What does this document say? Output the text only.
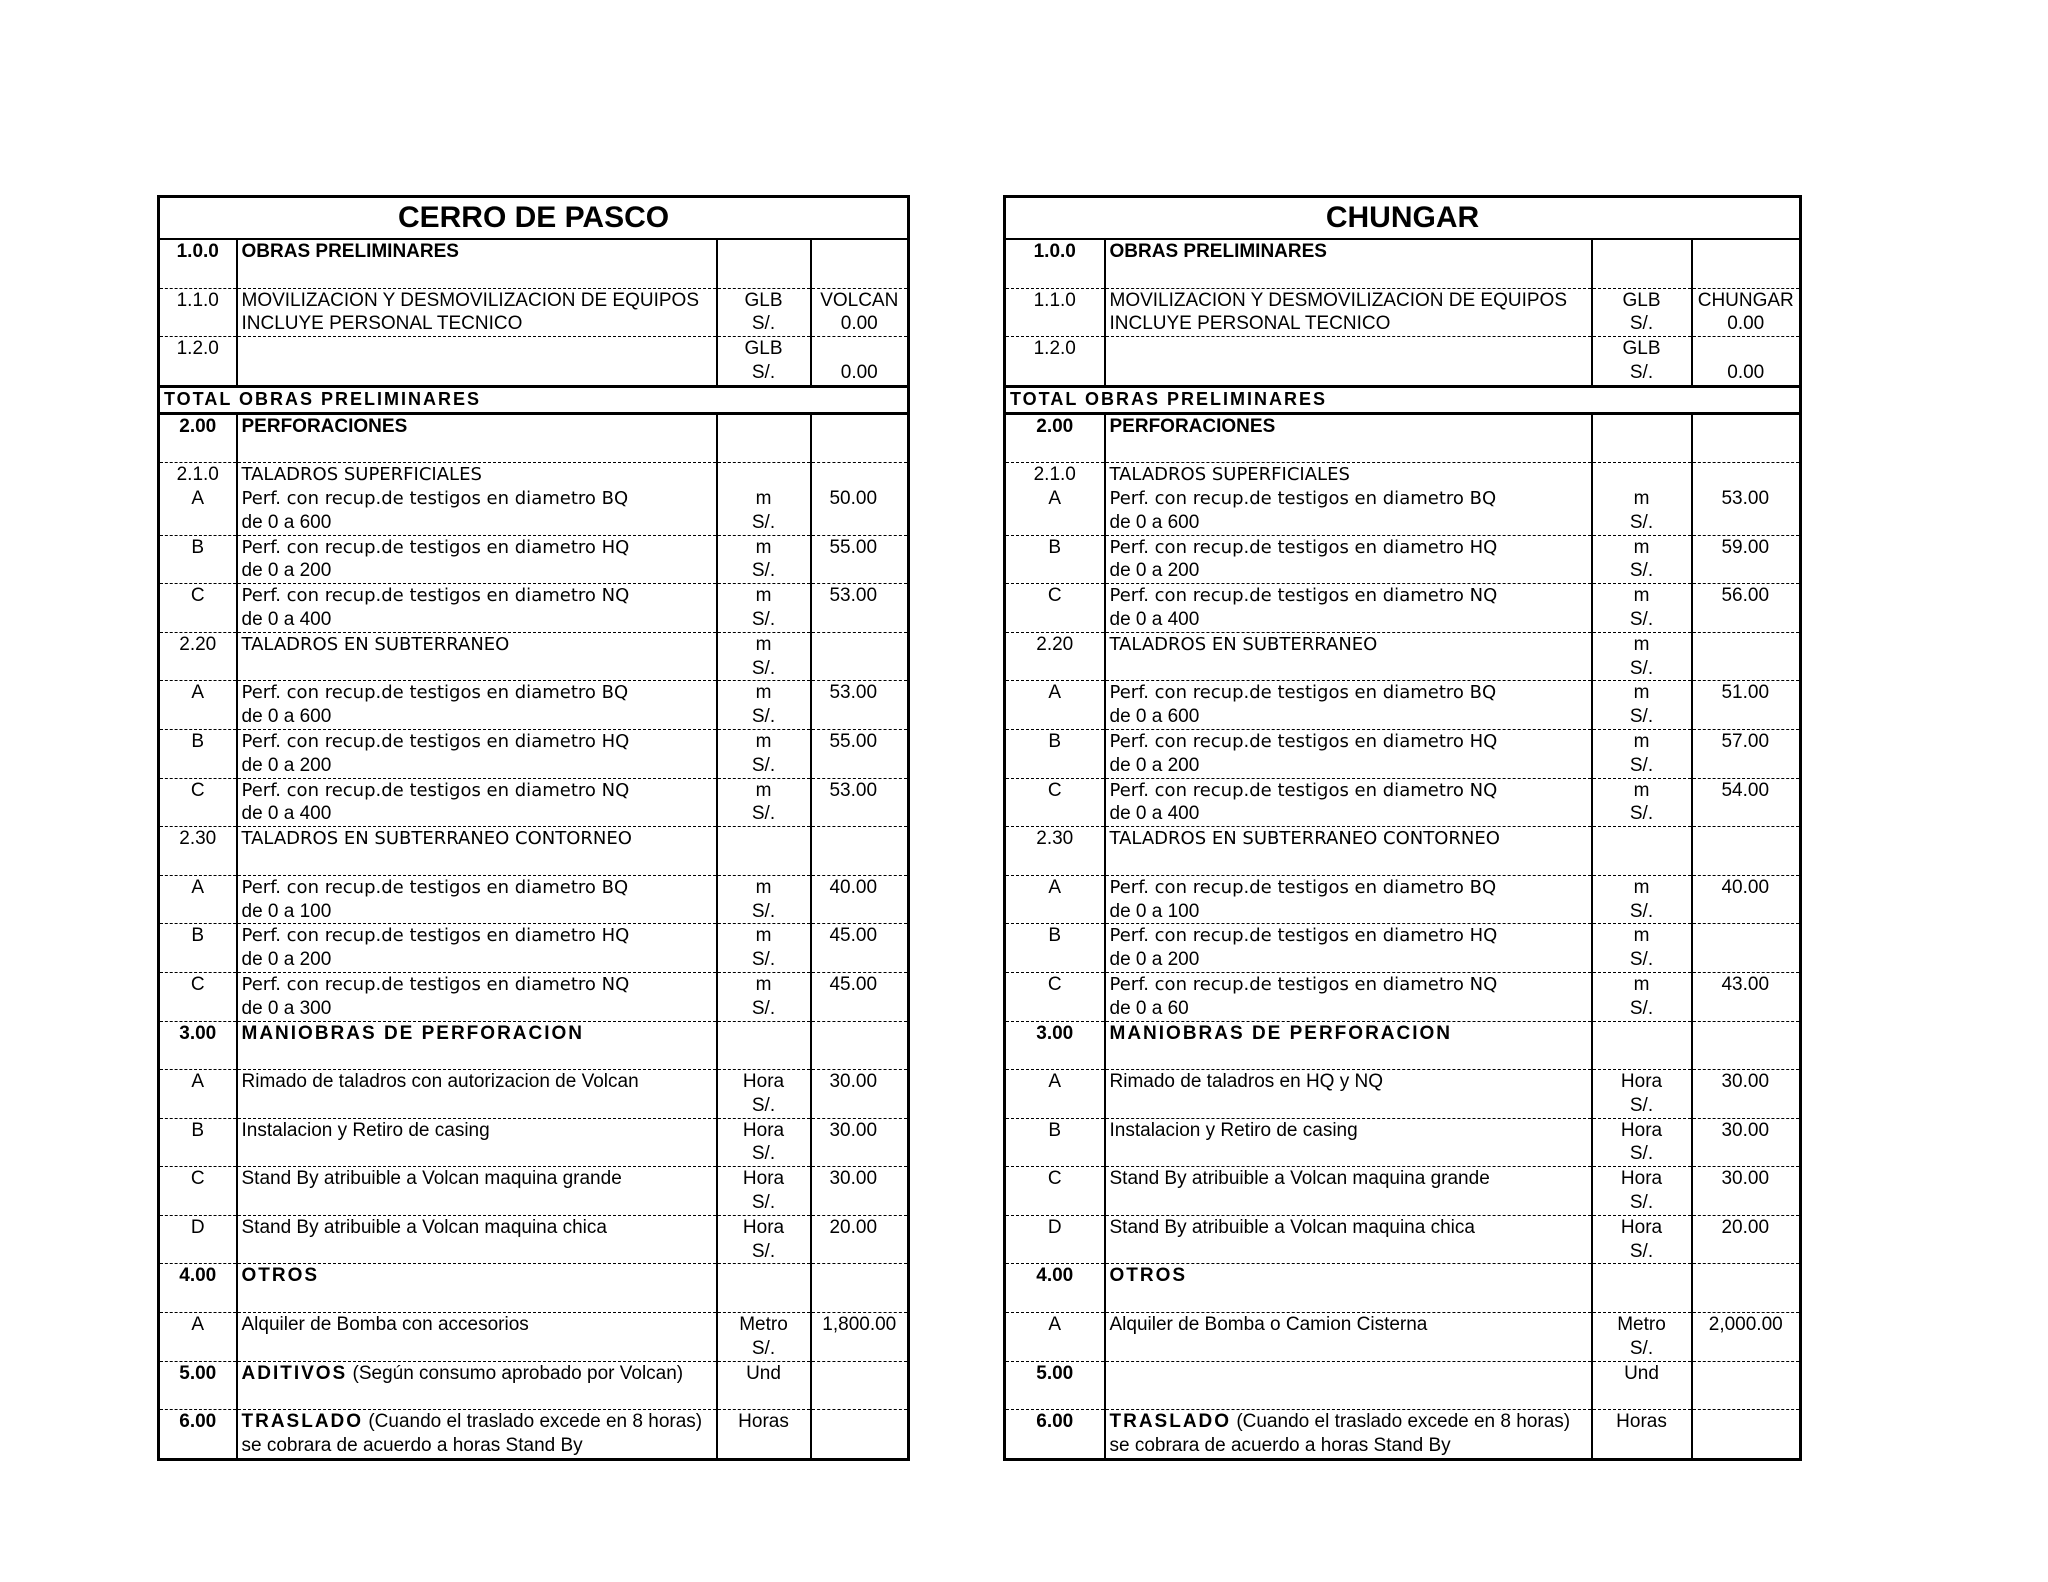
CERRO DE PASCO			
1.0.0	OBRAS PRELIMINARES		

1.1.0	MOVILIZACION Y DESMOVILIZACION DE EQUIPOS	GLB	VOLCAN
	INCLUYE PERSONAL TECNICO	S/.	0.00
1.2.0		GLB	
		S/.	0.00
TOTAL OBRAS PRELIMINARES			
2.00	PERFORACIONES		

2.1.0	TALADROS SUPERFICIALES		
A	Perf. con recup.de testigos en diametro BQ	m	50.00
	de 0 a 600	S/.	
B	Perf. con recup.de testigos en diametro HQ	m	55.00
	de 0 a 200	S/.	
C	Perf. con recup.de testigos en diametro NQ	m	53.00
	de 0 a 400	S/.	
2.20	TALADROS EN SUBTERRANEO	m	
		S/.	
A	Perf. con recup.de testigos en diametro BQ	m	53.00
	de 0 a 600	S/.	
B	Perf. con recup.de testigos en diametro HQ	m	55.00
	de 0 a 200	S/.	
C	Perf. con recup.de testigos en diametro NQ	m	53.00
	de 0 a 400	S/.	
2.30	TALADROS EN SUBTERRANEO CONTORNEO		

A	Perf. con recup.de testigos en diametro BQ	m	40.00
	de 0 a 100	S/.	
B	Perf. con recup.de testigos en diametro HQ	m	45.00
	de 0 a 200	S/.	
C	Perf. con recup.de testigos en diametro NQ	m	45.00
	de 0 a 300	S/.	
3.00	MANIOBRAS DE PERFORACION		

A	Rimado de taladros con autorizacion de Volcan	Hora	30.00
		S/.	
B	Instalacion y Retiro de casing	Hora	30.00
		S/.	
C	Stand By atribuible a Volcan maquina grande	Hora	30.00
		S/.	
D	Stand By atribuible a Volcan maquina chica	Hora	20.00
		S/.	
4.00	OTROS		

A	Alquiler de Bomba con accesorios	Metro	1,800.00
		S/.	
5.00	ADITIVOS (Según consumo aprobado por Volcan)	Und	

6.00	TRASLADO (Cuando el traslado excede en 8 horas)	Horas	
	se cobrara de acuerdo a horas Stand By		
CHUNGAR			
1.0.0	OBRAS PRELIMINARES		

1.1.0	MOVILIZACION Y DESMOVILIZACION DE EQUIPOS	GLB	CHUNGAR
	INCLUYE PERSONAL TECNICO	S/.	0.00
1.2.0		GLB	
		S/.	0.00
TOTAL OBRAS PRELIMINARES			
2.00	PERFORACIONES		

2.1.0	TALADROS SUPERFICIALES		
A	Perf. con recup.de testigos en diametro BQ	m	53.00
	de 0 a 600	S/.	
B	Perf. con recup.de testigos en diametro HQ	m	59.00
	de 0 a 200	S/.	
C	Perf. con recup.de testigos en diametro NQ	m	56.00
	de 0 a 400	S/.	
2.20	TALADROS EN SUBTERRANEO	m	
		S/.	
A	Perf. con recup.de testigos en diametro BQ	m	51.00
	de 0 a 600	S/.	
B	Perf. con recup.de testigos en diametro HQ	m	57.00
	de 0 a 200	S/.	
C	Perf. con recup.de testigos en diametro NQ	m	54.00
	de 0 a 400	S/.	
2.30	TALADROS EN SUBTERRANEO CONTORNEO		

A	Perf. con recup.de testigos en diametro BQ	m	40.00
	de 0 a 100	S/.	
B	Perf. con recup.de testigos en diametro HQ	m	
	de 0 a 200	S/.	
C	Perf. con recup.de testigos en diametro NQ	m	43.00
	de 0 a 60	S/.	
3.00	MANIOBRAS DE PERFORACION		

A	Rimado de taladros en HQ y NQ	Hora	30.00
		S/.	
B	Instalacion y Retiro de casing	Hora	30.00
		S/.	
C	Stand By atribuible a Volcan maquina grande	Hora	30.00
		S/.	
D	Stand By atribuible a Volcan maquina chica	Hora	20.00
		S/.	
4.00	OTROS		

A	Alquiler de Bomba o Camion Cisterna	Metro	2,000.00
		S/.	
5.00		Und	

6.00	TRASLADO (Cuando el traslado excede en 8 horas)	Horas	
	se cobrara de acuerdo a horas Stand By		
